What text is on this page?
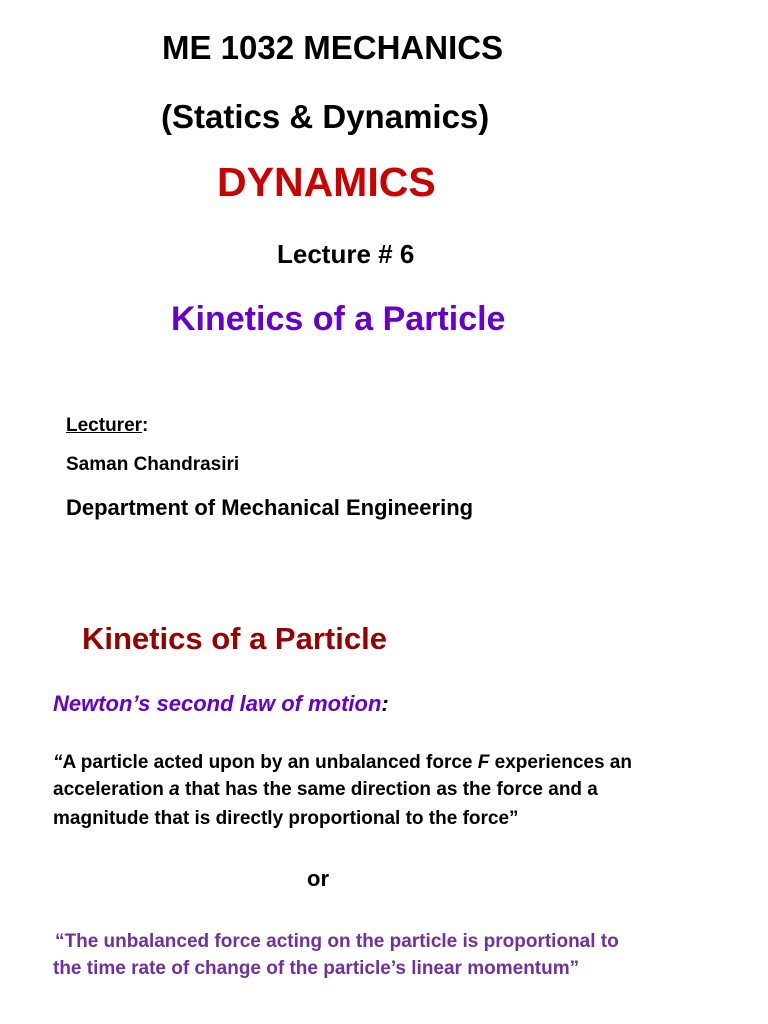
ME 1032 MECHANICS
(Statics & Dynamics)
DYNAMICS
Lecture # 6
Kinetics of a Particle
Lecturer:
Saman Chandrasiri
Department of Mechanical Engineering
Kinetics of a Particle
Newton’s second law of motion:

“A particle acted upon by an unbalanced force F experiences an

acceleration a that has the same direction as the force and a

magnitude that is directly proportional to the force”

or

“The unbalanced force acting on the particle is proportional to

the time rate of change of the particle’s linear momentum”
